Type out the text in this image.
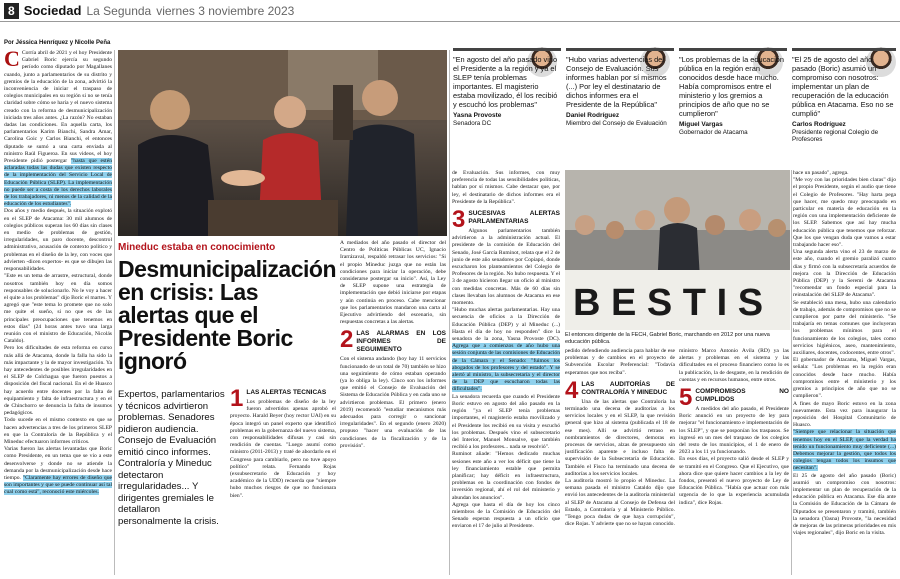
8 Sociedad La Segunda viernes 3 noviembre 2023
Por Jéssica Henríquez y Nicolle Peña
C Corría abril de 2021 y el hoy Presidente Gabriel Boric ejercía su segundo período como diputado por Magallanes cuando, junto a parlamentarios de su distrito y gremios de la educación de la zona, advirtió la inconveniencia de iniciar el traspaso de colegios municipales en su región si no se tenía claridad sobre cómo se haría y el nuevo sistema creado con la reforma de desmunicipalización iniciada tres años antes. ¿La razón? No estaban dadas las condiciones. En aquella carta, los parlamentarios Karim Bianchi, Sandra Amar, Carolina Goic y Carlos Bianchi, el entonces diputado se sumó a una carta enviada al ministro Raúl Figueroa. En sus videos, el hoy Presidente pidió postergar "hasta que estén aclaradas todas las dudas que existen respecto de la implementación del Servicio Local de Educación Pública (SLEP). La implementación no puede ser a costa de los derechos laborales de los trabajadores, ni menos de la calidad de la educación de los estudiantes".

Dos años y medio después, la situación explotó en el SLEP de Atacama: 30 mil alumnos de colegios públicos superan los 60 días sin clases en medio de problemas de gestión, irregularidades, un paro docente, descontrol administrativo, acusación de contexto político y problemas en el diseño de la ley, con voces que advierten -dicen expertos- es que se dibujen las responsabilidades.

"Este es un tema de arrastre, estructural, donde nosotros también hoy en día somos responsables de solucionarlo. No le voy a hacer el quite a los problemas" dijo Boric el martes. Y agregó que "este tema lo promete que no solo me quite el sueño, si no que es de las principales preocupaciones que tenemos en estos días" (24 horas antes tuvo una larga reunión con el ministro de Educación, Nicolás Cataldo).

Pero los dificultades de esta reforma en curso más allá de Atacama, donde la falla ha sido la más impactante y la de mayor investigación. Ya hay antecedentes de posibles irregularidades en el SLEP de Colchagua que fueron puestos a disposición del fiscal nacional. En el de Huasco hay acuerdo entre docentes por la falta de equipamiento y falta de infraestructura y en el de Chinchorro se denuncia la falta de insumos pedagógicos.

Todo sucede en el mismo contexto en que se hacen advertencias a tres de los primeros SLEP en que la Contraloría de la República y el Mineduc efectuaron informes críticos.

Varias fueron las alertas levantadas que Boric como Presidente, en un tema que se vio a este desenvolverse y donde no se atiende la demanda por la desmunicipalización desde hace tiempo. "Claramente hay errores de diseño que son importantes y que se puede continuar así tal cual como está", reconoció este miércoles.

"En agosto del año pasado vino el Presidente a la región y ya el SLEP tenía problemas importantes. El magisterio estaba movilizado, él los recibió y escuchó los problemas"
Yasna Provoste
Senadora DC
"Hubo varias advertencias del Consejo de Evaluación. Sus informes hablan por sí mismos (...) Por ley el destinatario de dichos informes era el Presidente de la República"
Daniel Rodríguez
Miembro del Consejo de Evaluación
"Los problemas de la educación pública en la región eran conocidos desde hace mucho. Había compromisos entre el ministerio y los gremios a principios de año que no se cumplieron"
Miguel Vargas
Gobernador de Atacama
"El 25 de agosto del año pasado (Boric) asumió un compromiso con nosotros: implementar un plan de recuperación de la educación pública en Atacama. Eso no se cumplió"
Carlos Rodríguez
Presidente regional Colegio de Profesores
Mineduc estaba en conocimiento
Desmunicipalización en crisis: Las alertas que el Presidente Boric ignoró
Expertos, parlamentarios y técnicos advirtieron problemas. Senadores pidieron audiencia. Consejo de Evaluación emitió cinco informes. Contraloría y Mineduc detectaron irregularidades... Y dirigentes gremiales le detallaron personalmente la crisis.
1 LAS ALERTAS TÉCNICAS
Los problemas de diseño de la ley fueron advertidos apenas aprobó el proyecto. Harald Beyer (hoy rector UAI) en su época integró un panel experto que identificó problemas en la gobernanza del nuevo sistema, con responsabilidades difusas y casi sin rendición de cuentas. "Luego asumí como ministro (2011-2013) y traté de abordarlo en el Congreso para cambiarlo, pero no tuve apoyo político" relata. Fernando Rojas (exsubsecretario de Educación y hoy académico de la UDD) recuerda que "siempre hubo muchos riesgos de que no funcionara bien".

A mediados del año pasado el director del Centro de Políticas Públicas UC, Ignacio Irarrázaval, respaldó retrasar los servicios: "Si el propio Mineduc juzga que no están las condiciones para iniciar la operación, debe considerarse postergar su inicio". Así, la Ley de SLEP supone una estrategia de implementación que debió iniciarse por etapas y aún continúa en proceso. Cabe mencionar que los parlamentarios mandaron una carta al Ejecutivo advirtiendo del escenario, sin respuestas concretas a las alertas.

2 LAS ALARMAS EN LOS INFORMES DE SEGUIMIENTO
Con el sistema andando (hoy hay 11 servicios funcionando de un total de 70) también se hizo una seguimiento de cómo estaban operando (ya lo obliga la ley). Cinco son los informes que emitió el Consejo de Evaluación del Sistema de Educación Pública y en cada uno se advirtieron problemas. El primero (enero 2019) recomendó "estudiar mecanismos más adecuados para corregir o sancionar irregularidades". En el segundo (enero 2020) propuso "hacer una evaluación de las condiciones de la fiscalización y de la provisión".

de Evaluación. Sus informes, con muy preferencia de todas las sensibilidades políticas, hablan por sí mismos. Cabe destacar que, por ley, el destinatario de dichos informes era el Presidente de la República".

3 SUCESIVAS ALERTAS PARLAMENTARIAS
Algunos parlamentarios también advirtieron a la administración actual. El presidente de la comisión de Educación del Senado, José García Ruminot, relata que el 2 de junio de este año senadores por Copiapó, donde escucharon los planteamientos del Colegio de Profesores de la región. No hubo respuesta. Y el 3 de agosto hicieron llegar un oficio al ministro con medidas concretas. Más de 60 días sin clases llevaban los alumnos de Atacama en ese momento.

"Hubo muchas alertas parlamentarias. Hay una secuencia de oficios a la Dirección de Educación Pública (DEP) y al Mineduc (...) Hasta el día de hoy no responden" dice la senadora de la zona, Yasna Provoste (DC). Agrega que a comienzos de año hubo una sesión conjunta de las comisiones de Educación de la Cámara y el Senado: "fuimos los abogados de los profesores y del estado". Y se alertó al ministro, la subsecretaría y el director de la DEP que escucharon todas las dificultades".

La senadora recuerda que cuando el Presidente Boric estuvo en agosto del año pasado en la región "ya el SLEP tenía problemas importantes, el magisterio estaba movilizado y el Presidente los recibió en su visita y escuchó los problemas. Después vino el subsecretario del Interior, Manuel Monsalve, que también recibió a los profesores... nada se resolvió".

Ruminot añade: "Hemos dedicado muchas sesiones este año a ver los déficit que tiene la ley financiamiento estable que permita planificar; hay déficit en infraestructura, problemas en la coordinación con fondos de inversión regional, ahí el rol del ministerio y abundan los anuncios".

Agrega que hasta el día de hoy los cinco miembros de la Comisión de Educación del Senado esperan respuesta a un oficio que enviaron el 17 de julio al Presidente.

B E S T I S
El entonces dirigente de la FECH, Gabriel Boric, marchando en 2012 por una nueva educación pública.

pedido defendiendo audiencia para hablar de ese problemas y de cambios en el proyecto de Subvención Escolar Preferencial: "Todavía esperamos que nos reciba".

4 LAS AUDITORÍAS DE CONTRALORÍA Y MINEDUC
Una de las alertas que Contraloría ha terminado una decena de auditorías a los servicios locales y en el SLEP, la que revisión general que hizo al sistema (publicada el 18 de ese mes). Allí se advirtió retraso en nombramientos de directores, demoras en procesos de servicios, alzas de presupuesto sin justificación aparente e incluso falta de supervisión de la Subsecretaría de Educación. También el Fisco ha terminado una decena de auditorías a los servicios locales.

La auditoría mostró lo propio el Mineduc. La semana pasada el ministro Cataldo dijo que envió los antecedentes de la auditoría ministerial al SLEP de Atacama al Consejo de Defensa del Estado, a Contraloría y al Ministerio Público. "Tengo poca dudas de que haya corrupción", dice Rojas. Y advierte que no se hayan conocido.

ministro Marco Antonio Ávila (RD) ya las alertas y problemas en el sistema y las dificultades en el proceso financiero como lo es la publicación, la de desgaste, en la rendición de cuentas y en recursos humanos, entre otros.

5 COMPROMISOS NO CUMPLIDOS
A medidos del año pasado, el Presidente Boric anunció en un proyecto de ley para mejorar "el funcionamiento e implementación de los SLEP", y que se posponían los traspasos. Se ingresó en un mes del traspaso de los colegios del resto de los municipios, el 1 de enero de 2023 a los 11 ya funcionando.

En esos días, el proyecto salió desde el SLEP y se tramitó en el Congreso. Que el Ejecutivo, que ahora dice que quiere hacer cambios a la ley de fondos, presentó el nuevo proyecto de Ley de Educación Pública. "Había que actuar con más urgencia de lo que la experiencia acumulada indica", dice Rojas.

hace un pasado", agrega.

"Me voy con las prioridades bien claras" dijo el propio Presidente, según el audio que tiene el Colegio de Profesores. "Hay harta pega que hacer, me quedo muy preocupado en particular en materia de educación en la región con una implementación deficiente de los SLEP. Sabemos que así hay mucha educación pública que tenemos que reforzar. Que los que vengan duda que vamos a estar trabajando hacer eso".

Una segunda alerta vino el 23 de marzo de este año, cuando el gremio paralizó cuatro días y firmó con la subsecretaría acuerdos de mejora con la Dirección de Educación Pública (DEP) y la Seremi de Atacama "recomendar un fondo especial para la reinstalación del SLEP de Atacama".

Se estableció una mesa, hubo una calendario de trabajo, además de compromisos que no se cumplieron por parte del ministerio. "Se trabajaría en temas comunes que incluyeran los problemas mínimos para el funcionamiento de los colegios, tales como servicios higiénicos, aseo, mantenimiento, auxiliares, docentes, codocentes, entre otros".

El gobernador de Atacama, Miguel Vargas, señala: "Los problemas en la región eran conocidos desde hace mucho. Había compromisos entre el ministerio y los gremios a principios de año que no se cumplieron".

A fines de mayo Boric estuvo en la zona nuevamente. Esta vez para inaugurar la reposición del Hospital Comunitario de Huasco.

"Siempre que relacionar la situación que tenemos hoy en el SLEP, que la verdad ha tenido un funcionamiento muy deficiente (...) Debemos mejorar la gestión, que todos los colegios tengan todos los insumos que necesitan".

El 25 de agosto del año pasado (Boric) asumió un compromiso con nosotros: implementar un plan de recuperación de la educación pública en Atacama. Ese día ante la Comisión de Educación de la Cámara de Diputados se presentaron y tramitó, también la senadora (Yasna) Provoste, "la necesidad de mejoras de las primeras prioridades en mis viajes regionales", dijo Boric en la visita.
